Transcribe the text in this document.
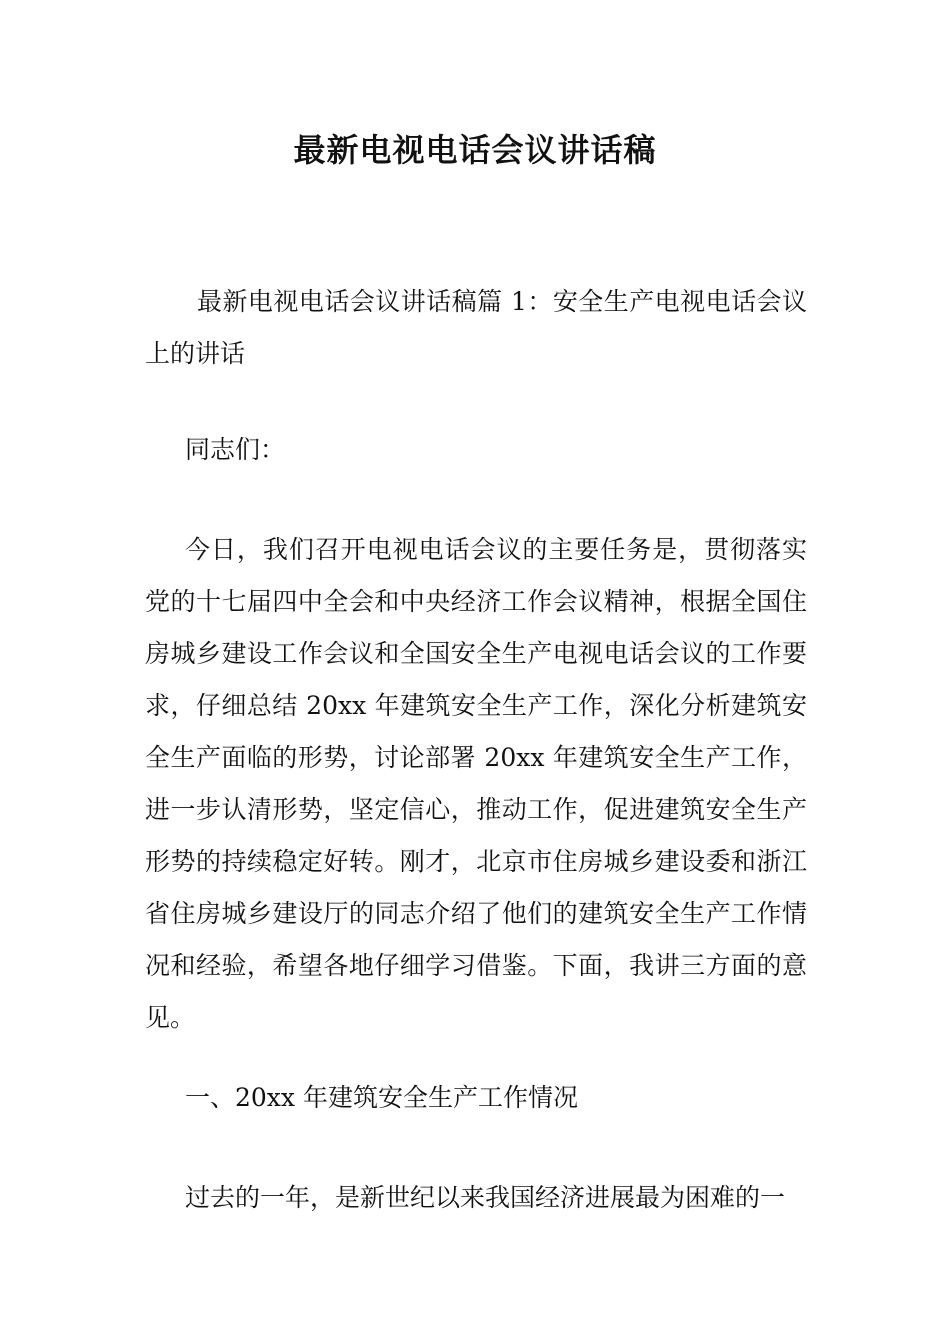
最新电视电话会议讲话稿

最新电视电话会议讲话稿篇 1：安全生产电视电话会议上的讲话

同志们：

今日，我们召开电视电话会议的主要任务是，贯彻落实党的十七届四中全会和中央经济工作会议精神，根据全国住房城乡建设工作会议和全国安全生产电视电话会议的工作要求，仔细总结 20xx 年建筑安全生产工作，深化分析建筑安全生产面临的形势，讨论部署 20xx 年建筑安全生产工作，进一步认清形势，坚定信心，推动工作，促进建筑安全生产形势的持续稳定好转。刚才，北京市住房城乡建设委和浙江省住房城乡建设厅的同志介绍了他们的建筑安全生产工作情况和经验，希望各地仔细学习借鉴。下面，我讲三方面的意见。

一、20xx 年建筑安全生产工作情况

过去的一年，是新世纪以来我国经济进展最为困难的一
